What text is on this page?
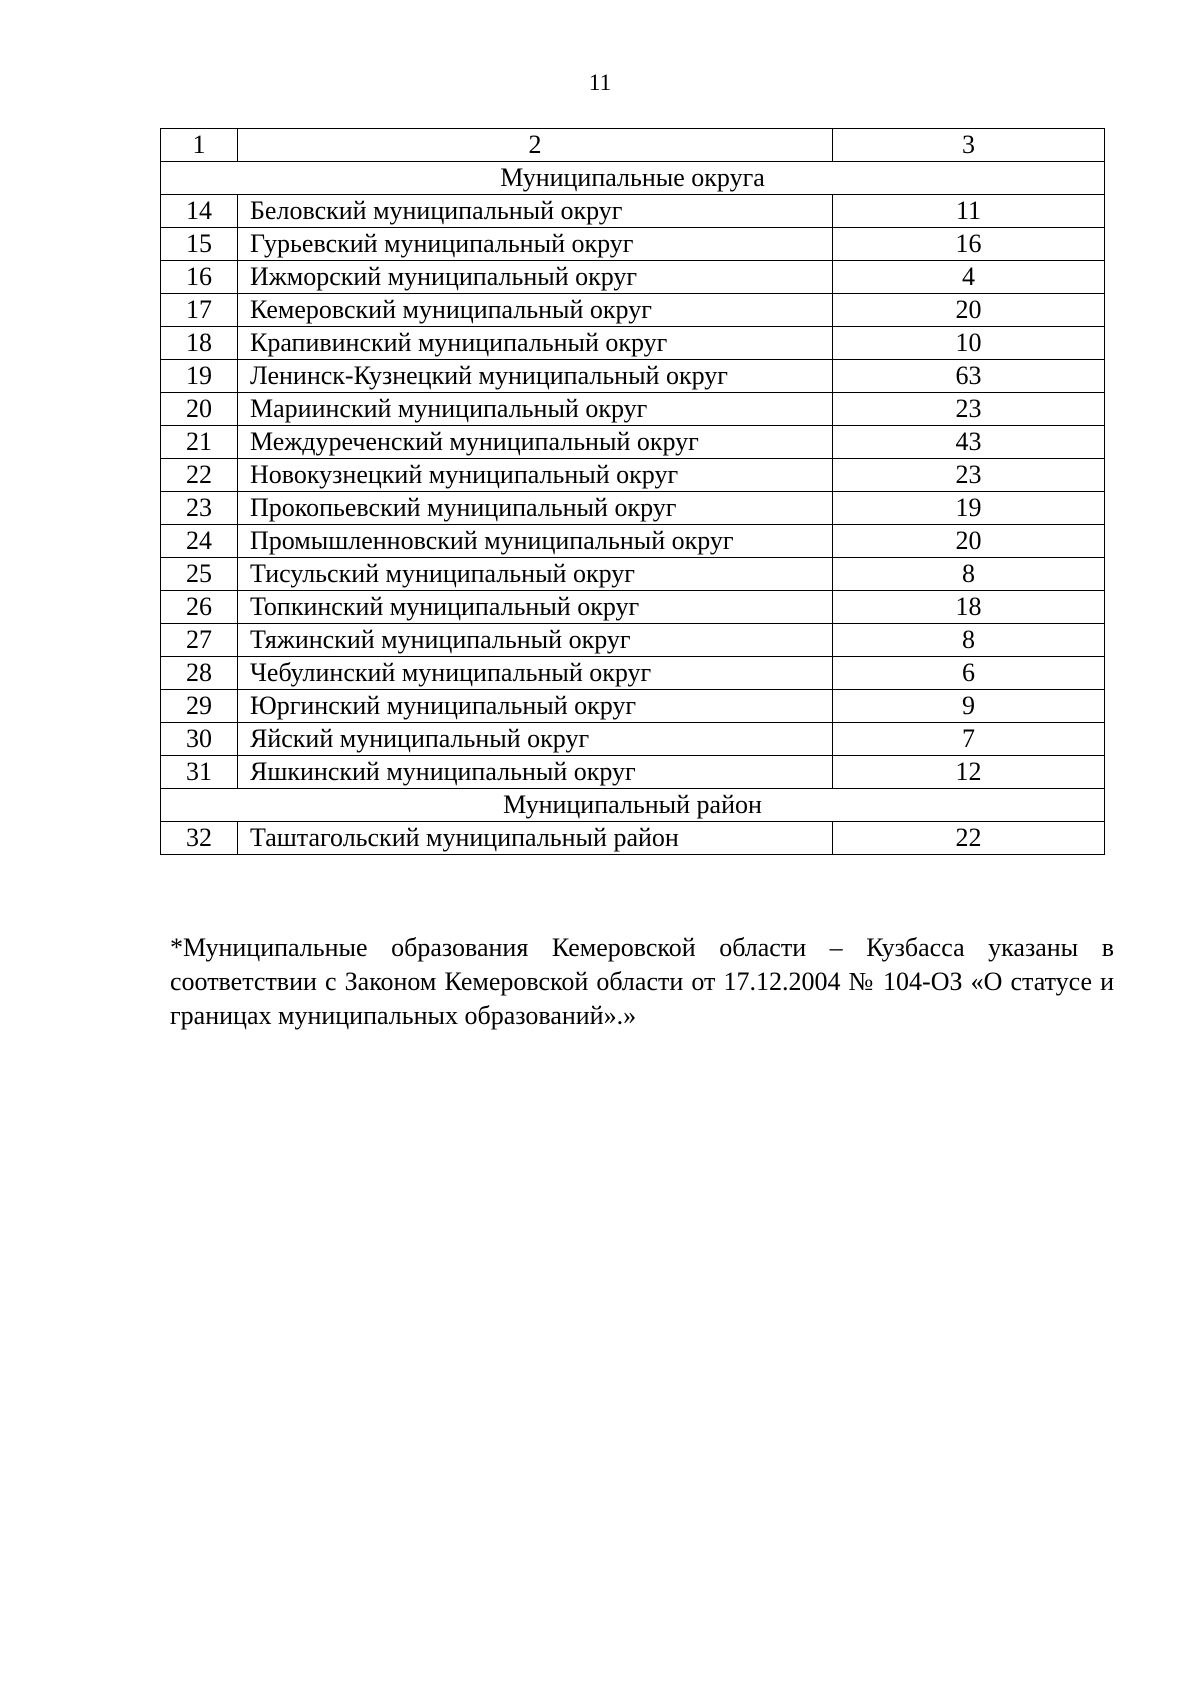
11
1	2	3
Муниципальные округа		
14	Беловский муниципальный округ	11
15	Гурьевский муниципальный округ	16
16	Ижморский муниципальный округ	4
17	Кемеровский муниципальный округ	20
18	Крапивинский муниципальный округ	10
19	Ленинск-Кузнецкий муниципальный округ	63
20	Мариинский муниципальный округ	23
21	Междуреченский муниципальный округ	43
22	Новокузнецкий муниципальный округ	23
23	Прокопьевский муниципальный округ	19
24	Промышленновский муниципальный округ	20
25	Тисульский муниципальный округ	8
26	Топкинский муниципальный округ	18
27	Тяжинский муниципальный округ	8
28	Чебулинский муниципальный округ	6
29	Юргинский муниципальный округ	9
30	Яйский муниципальный округ	7
31	Яшкинский муниципальный округ	12
Муниципальный район		
32	Таштагольский муниципальный район	22
*Муниципальные образования Кемеровской области – Кузбасса указаны в соответствии с Законом Кемеровской области от 17.12.2004 № 104-ОЗ «О статусе и границах муниципальных образований».»
